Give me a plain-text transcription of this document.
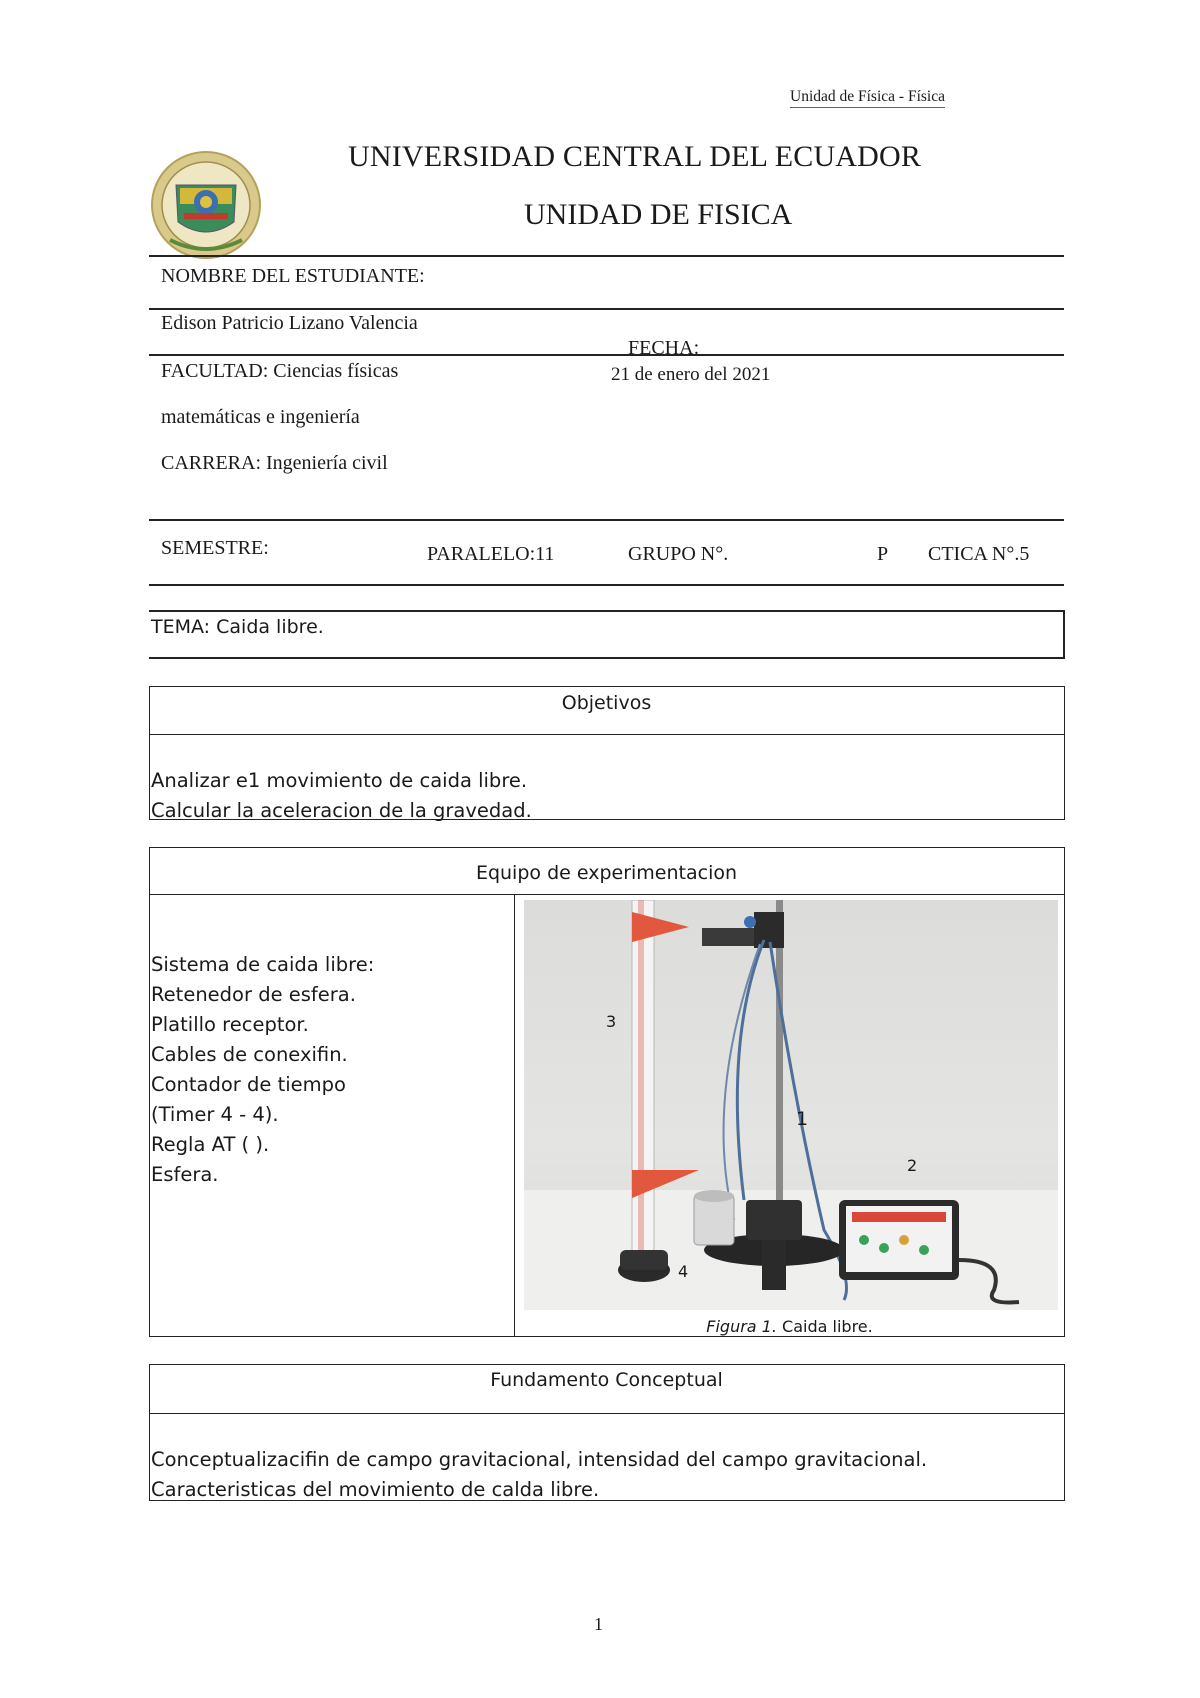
Unidad de Física - Física
UNIVERSIDAD CENTRAL DEL ECUADOR
UNIDAD DE FISICA
NOMBRE DEL ESTUDIANTE:
Edison Patricio Lizano Valencia
FECHA:
21 de enero del 2021
FACULTAD: Ciencias físicas
matemáticas e ingeniería
CARRERA: Ingeniería civil
SEMESTRE:	PARALELO:11	GRUPO N°.	P CTICA N°.5
TEMA: Caida libre.
Objetivos
Analizar e1 movimiento de caida libre.
Calcular la aceleracion de la gravedad.
Equipo de experimentacion
Sistema de caida libre:
Retenedor de esfera.
Platillo receptor.
Cables de conexifin.
Contador de tiempo
(Timer 4 - 4).
Regla AT ( ).
Esfera.
3
1
2
4
Figura 1. Caida libre.
Fundamento Conceptual
Conceptualizacifin de campo gravitacional, intensidad del campo gravitacional.
Caracteristicas del movimiento de calda libre.
1
